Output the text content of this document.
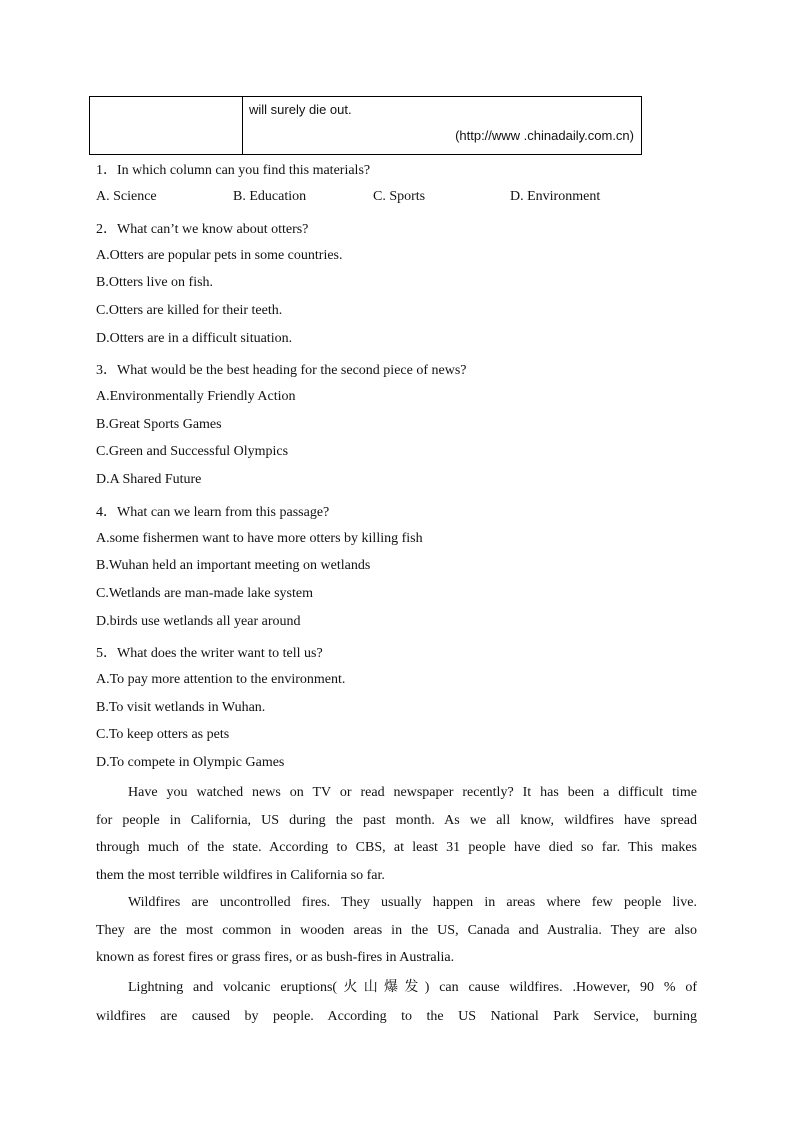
will surely die out.
(http://www .chinadaily.com.cn)
1．In which column can you find this materials?
A. Science	B. Education	C. Sports	D. Environment
2．What can’t we know about otters?
A.Otters are popular pets in some countries.
B.Otters live on fish.
C.Otters are killed for their teeth.
D.Otters are in a difficult situation.
3．What would be the best heading for the second piece of news?
A.Environmentally Friendly Action
B.Great Sports Games
C.Green and Successful Olympics
D.A Shared Future
4．What can we learn from this passage?
A.some fishermen want to have more otters by killing fish
B.Wuhan held an important meeting on wetlands
C.Wetlands are man-made lake system
D.birds use wetlands all year around
5．What does the writer want to tell us?
A.To pay more attention to the environment.
B.To visit wetlands in Wuhan.
C.To keep otters as pets
D.To compete in Olympic Games
Have you watched news on TV or read newspaper recently? It has been a difficult time
for people in California, US during the past month. As we all know, wildfires have spread
through much of the state. According to CBS, at least 31 people have died so far. This makes
them the most terrible wildfires in California so far.
Wildfires are uncontrolled fires. They usually happen in areas where few people live.
They are the most common in wooden areas in the US, Canada and Australia. They are also
known as forest fires or grass fires, or as bush-fires in Australia.
Lightning and volcanic eruptions(火山爆发) can cause wildfires. .However, 90 % of
wildfires are caused by people. According to the US National Park Service, burning
